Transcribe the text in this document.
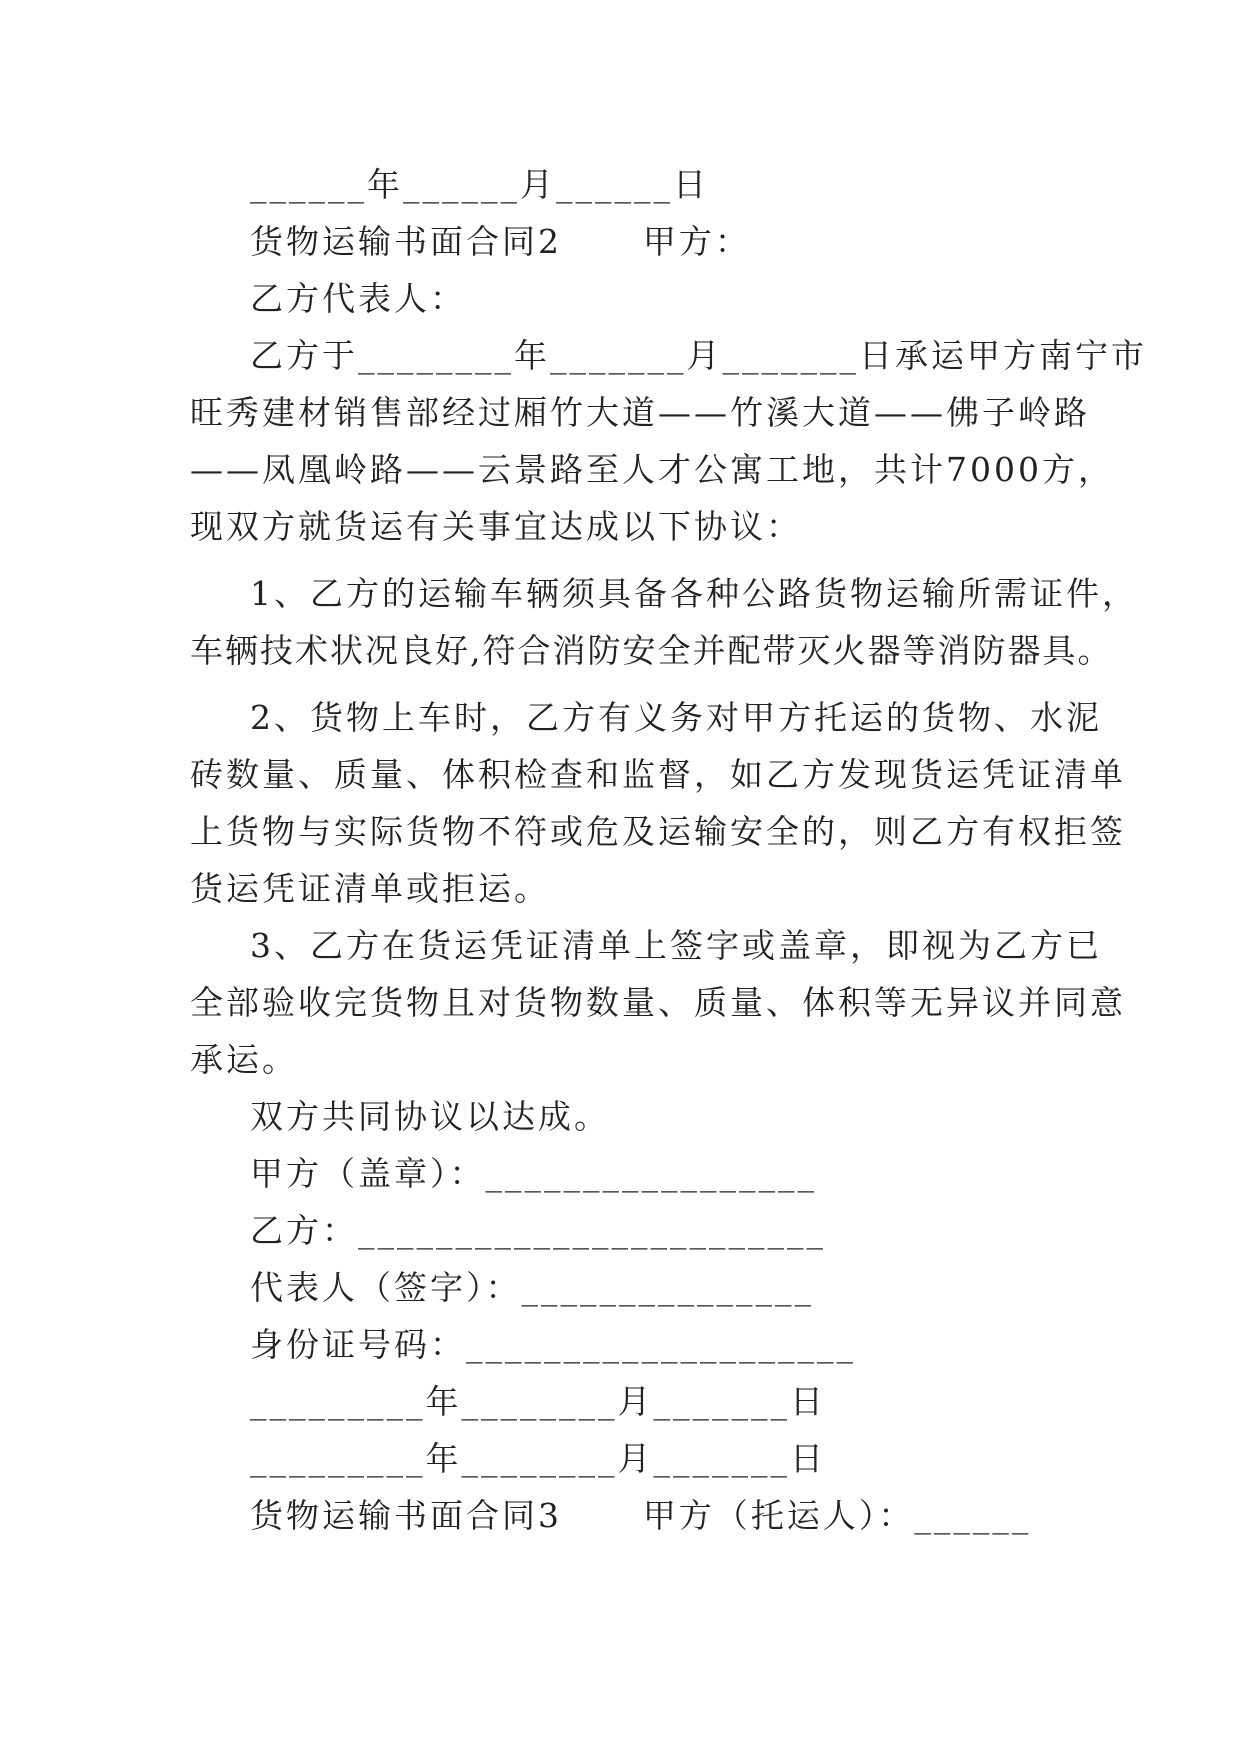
______年______月______日
货物运输书面合同2      甲方：
乙方代表人：
乙方于________年_______月_______日承运甲方南宁市
旺秀建材销售部经过厢竹大道——竹溪大道——佛子岭路
——凤凰岭路——云景路至人才公寓工地，共计7000方，
现双方就货运有关事宜达成以下协议：
1、乙方的运输车辆须具备各种公路货物运输所需证件，
车辆技术状况良好,符合消防安全并配带灭火器等消防器具。
2、货物上车时，乙方有义务对甲方托运的货物、水泥
砖数量、质量、体积检查和监督，如乙方发现货运凭证清单
上货物与实际货物不符或危及运输安全的，则乙方有权拒签
货运凭证清单或拒运。
3、乙方在货运凭证清单上签字或盖章，即视为乙方已
全部验收完货物且对货物数量、质量、体积等无异议并同意
承运。
双方共同协议以达成。
甲方（盖章）：_________________
乙方：________________________
代表人（签字）：_______________
身份证号码：____________________
_________年________月_______日
_________年________月_______日
货物运输书面合同3      甲方（托运人）：______
